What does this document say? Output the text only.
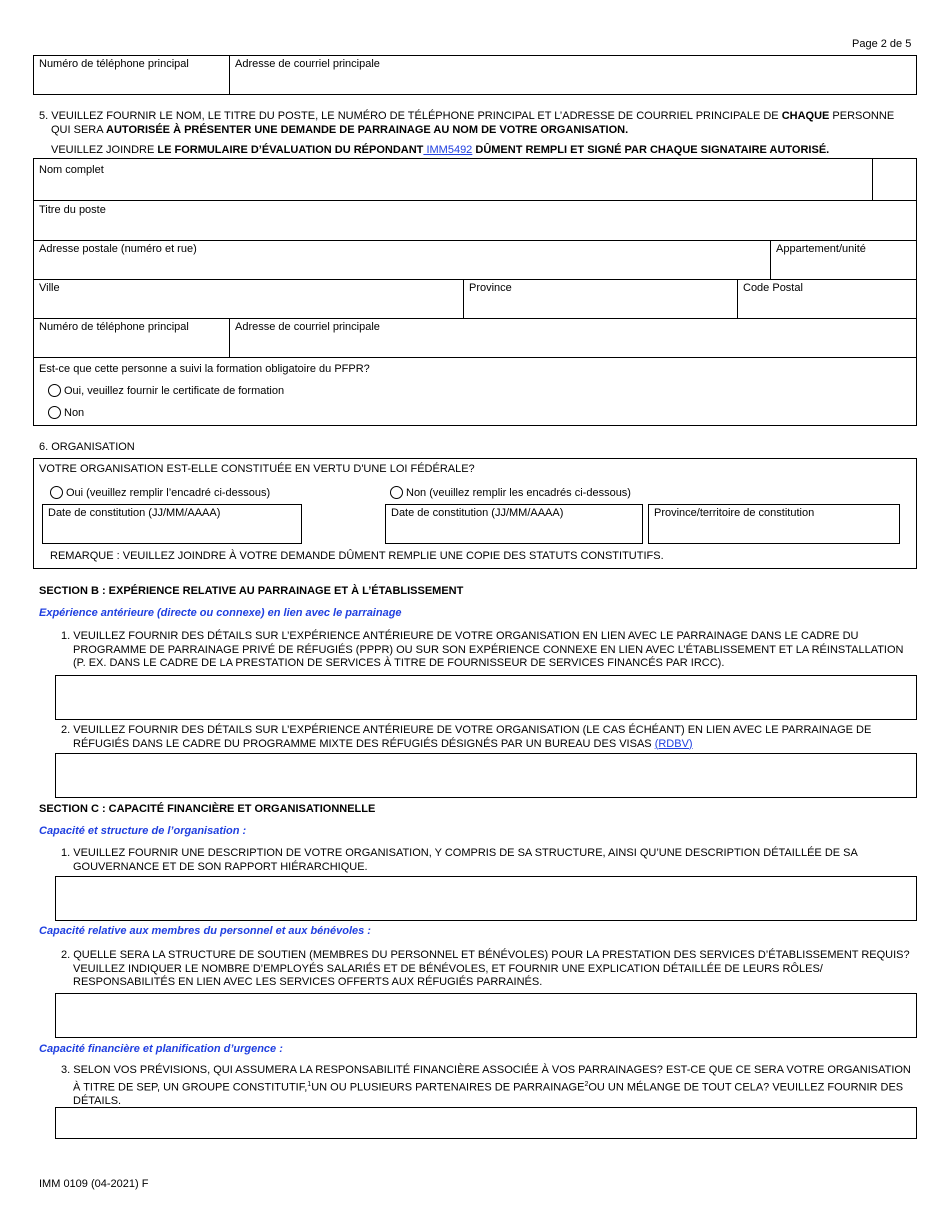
Page 2 de 5
Numéro de téléphone principal	Adresse de courriel principale
5. VEUILLEZ FOURNIR LE NOM, LE TITRE DU POSTE, LE NUMÉRO DE TÉLÉPHONE PRINCIPAL ET L’ADRESSE DE COURRIEL PRINCIPALE DE CHAQUE PERSONNE
QUI SERA AUTORISÉE À PRÉSENTER UNE DEMANDE DE PARRAINAGE AU NOM DE VOTRE ORGANISATION.
VEUILLEZ JOINDRE LE FORMULAIRE D’ÉVALUATION DU RÉPONDANT IMM5492 DÛMENT REMPLI ET SIGNÉ PAR CHAQUE SIGNATAIRE AUTORISÉ.
Nom complet
Titre du poste
Adresse postale (numéro et rue)	Appartement/unité
Ville	Province	Code Postal
Numéro de téléphone principal	Adresse de courriel principale
Est-ce que cette personne a suivi la formation obligatoire du PFPR?
Oui, veuillez fournir le certificate de formation
Non
6. ORGANISATION
VOTRE ORGANISATION EST-ELLE CONSTITUÉE EN VERTU D'UNE LOI FÉDÉRALE?
Oui (veuillez remplir l’encadré ci-dessous)	Non (veuillez remplir les encadrés ci-dessous)
Date de constitution (JJ/MM/AAAA)	Date de constitution (JJ/MM/AAAA)	Province/territoire de constitution
REMARQUE : VEUILLEZ JOINDRE À VOTRE DEMANDE DÛMENT REMPLIE UNE COPIE DES STATUTS CONSTITUTIFS.
SECTION B : EXPÉRIENCE RELATIVE AU PARRAINAGE ET À L’ÉTABLISSEMENT
Expérience antérieure (directe ou connexe) en lien avec le parrainage
1. VEUILLEZ FOURNIR DES DÉTAILS SUR L’EXPÉRIENCE ANTÉRIEURE DE VOTRE ORGANISATION EN LIEN AVEC LE PARRAINAGE DANS LE CADRE DU
PROGRAMME DE PARRAINAGE PRIVÉ DE RÉFUGIÉS (PPPR) OU SUR SON EXPÉRIENCE CONNEXE EN LIEN AVEC L’ÉTABLISSEMENT ET LA RÉINSTALLATION
(P. EX. DANS LE CADRE DE LA PRESTATION DE SERVICES À TITRE DE FOURNISSEUR DE SERVICES FINANCÉS PAR IRCC).
2. VEUILLEZ FOURNIR DES DÉTAILS SUR L’EXPÉRIENCE ANTÉRIEURE DE VOTRE ORGANISATION (LE CAS ÉCHÉANT) EN LIEN AVEC LE PARRAINAGE DE
RÉFUGIÉS DANS LE CADRE DU PROGRAMME MIXTE DES RÉFUGIÉS DÉSIGNÉS PAR UN BUREAU DES VISAS (RDBV)
SECTION C : CAPACITÉ FINANCIÈRE ET ORGANISATIONNELLE
Capacité et structure de l’organisation :
1. VEUILLEZ FOURNIR UNE DESCRIPTION DE VOTRE ORGANISATION, Y COMPRIS DE SA STRUCTURE, AINSI QU’UNE DESCRIPTION DÉTAILLÉE DE SA
GOUVERNANCE ET DE SON RAPPORT HIÉRARCHIQUE.
Capacité relative aux membres du personnel et aux bénévoles :
2. QUELLE SERA LA STRUCTURE DE SOUTIEN (MEMBRES DU PERSONNEL ET BÉNÉVOLES) POUR LA PRESTATION DES SERVICES D’ÉTABLISSEMENT REQUIS?
VEUILLEZ INDIQUER LE NOMBRE D’EMPLOYÉS SALARIÉS ET DE BÉNÉVOLES, ET FOURNIR UNE EXPLICATION DÉTAILLÉE DE LEURS RÔLES/
RESPONSABILITÉS EN LIEN AVEC LES SERVICES OFFERTS AUX RÉFUGIÉS PARRAINÉS.
Capacité financière et planification d’urgence :
3. SELON VOS PRÉVISIONS, QUI ASSUMERA LA RESPONSABILITÉ FINANCIÈRE ASSOCIÉE À VOS PARRAINAGES? EST-CE QUE CE SERA VOTRE ORGANISATION
À TITRE DE SEP, UN GROUPE CONSTITUTIF,$^1$UN OU PLUSIEURS PARTENAIRES DE PARRAINAGE$^2$OU UN MÉLANGE DE TOUT CELA? VEUILLEZ FOURNIR DES
DÉTAILS.
IMM 0109 (04-2021) F
